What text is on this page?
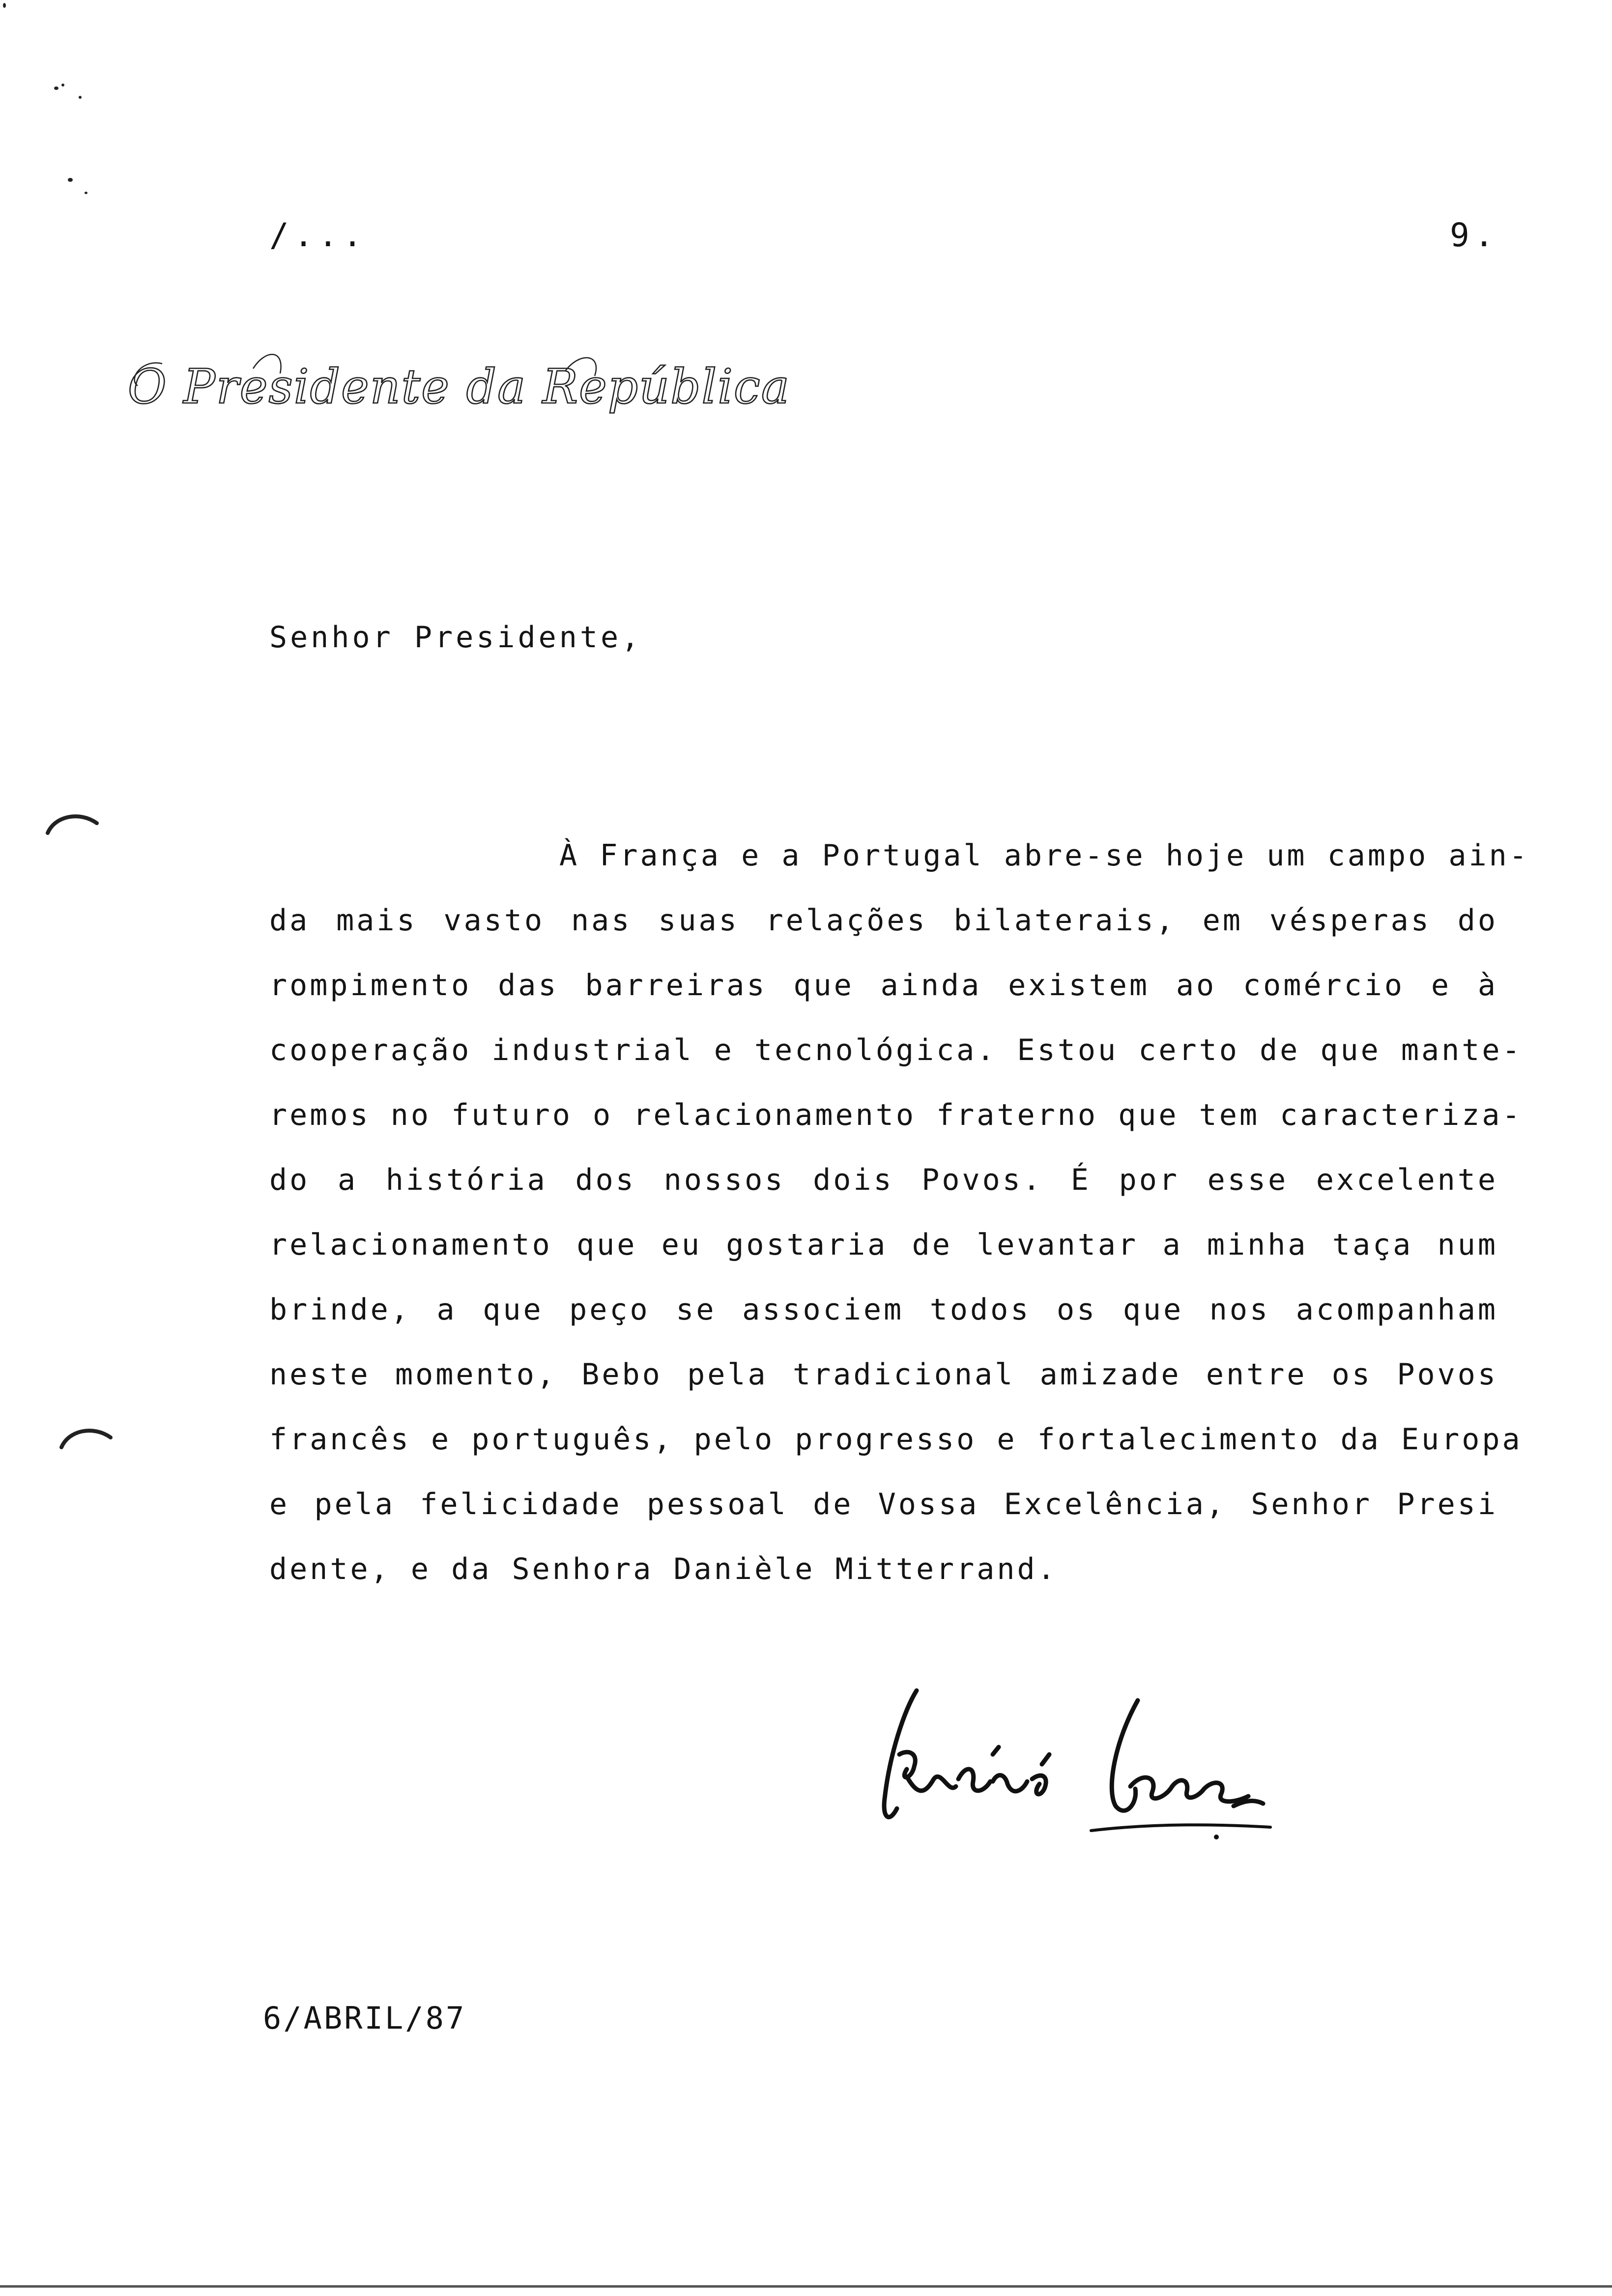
/...	9.
O Presidente da República
Senhor Presidente,
À França e a Portugal abre-se hoje um campo ain-
da mais vasto nas suas relações bilaterais, em vésperas do
rompimento das barreiras que ainda existem ao comércio e à
cooperação industrial e tecnológica. Estou certo de que mante-
remos no futuro o relacionamento fraterno que tem caracteriza-
do a história dos nossos dois Povos. É por esse excelente
relacionamento que eu gostaria de levantar a minha taça num
brinde, a que peço se associem todos os que nos acompanham
neste momento, Bebo pela tradicional amizade entre os Povos
francês e português, pelo progresso e fortalecimento da Europa
e pela felicidade pessoal de Vossa Excelência, Senhor Presi
dente, e da Senhora Danièle Mitterrand.
6/ABRIL/87
